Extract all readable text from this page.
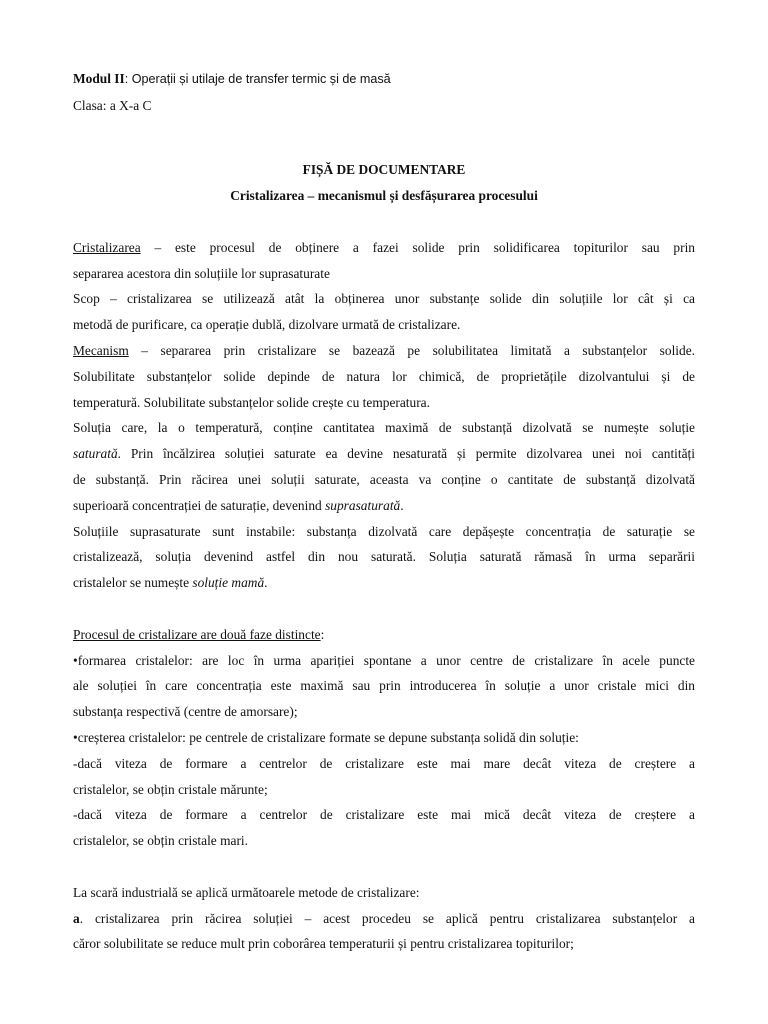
Modul II: Operații și utilaje de transfer termic și de masă
Clasa: a X-a C
FIȘĂ DE DOCUMENTARE
Cristalizarea – mecanismul și desfășurarea procesului
Cristalizarea – este procesul de obținere a fazei solide prin solidificarea topiturilor sau prin
separarea acestora din soluțiile lor suprasaturate
Scop – cristalizarea se utilizează atât la obținerea unor substanțe solide din soluțiile lor cât și ca
metodă de purificare, ca operație dublă, dizolvare urmată de cristalizare.
Mecanism – separarea prin cristalizare se bazează pe solubilitatea limitată a substanțelor solide.
Solubilitate substanțelor solide depinde de natura lor chimică, de proprietățile dizolvantului și de
temperatură. Solubilitate substanțelor solide crește cu temperatura.
Soluția care, la o temperatură, conține cantitatea maximă de substanță dizolvată se numește soluție
saturată. Prin încălzirea soluției saturate ea devine nesaturată și permite dizolvarea unei noi cantități
de substanță. Prin răcirea unei soluții saturate, aceasta va conține o cantitate de substanță dizolvată
superioară concentrației de saturație, devenind suprasaturată.
Soluțiile suprasaturate sunt instabile: substanța dizolvată care depășește concentrația de saturație se
cristalizează, soluția devenind astfel din nou saturată. Soluția saturată rămasă în urma separării
cristalelor se numește soluție mamă.
Procesul de cristalizare are două faze distincte:
•formarea cristalelor: are loc în urma apariției spontane a unor centre de cristalizare în acele puncte
ale soluției în care concentrația este maximă sau prin introducerea în soluție a unor cristale mici din
substanța respectivă (centre de amorsare);
•creșterea cristalelor: pe centrele de cristalizare formate se depune substanța solidă din soluție:
-dacă viteza de formare a centrelor de cristalizare este mai mare decât viteza de creștere a
cristalelor, se obțin cristale mărunte;
-dacă viteza de formare a centrelor de cristalizare este mai mică decât viteza de creștere a
cristalelor, se obțin cristale mari.
La scară industrială se aplică următoarele metode de cristalizare:
a. cristalizarea prin răcirea soluției – acest procedeu se aplică pentru cristalizarea substanțelor a
căror solubilitate se reduce mult prin coborârea temperaturii și pentru cristalizarea topiturilor;
